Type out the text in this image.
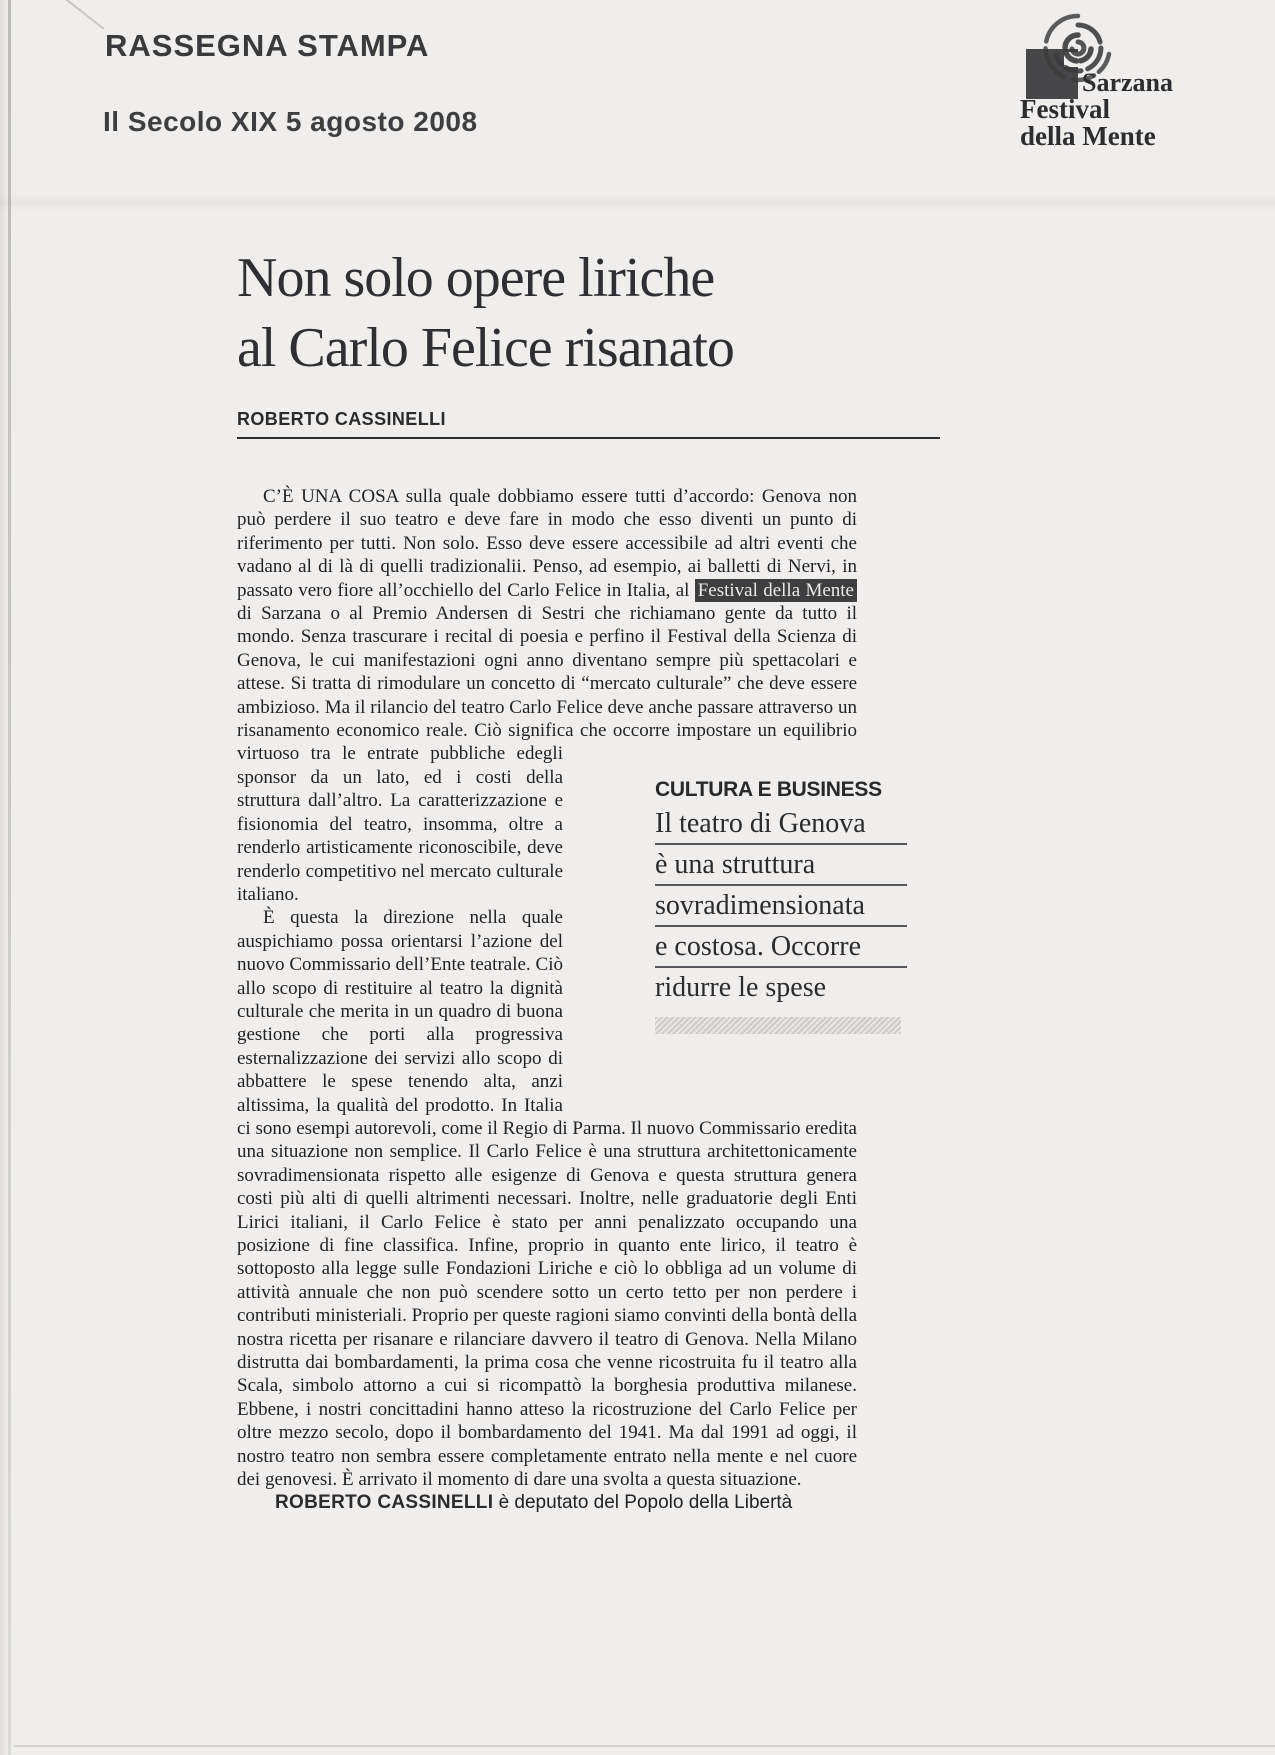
RASSEGNA STAMPA
Il Secolo XIX 5 agosto 2008
Sarzana
Festival
della Mente
Non solo opere liriche
al Carlo Felice risanato
ROBERTO CASSINELLI

C’È UNA COSA sulla quale dobbiamo essere tutti d’accordo: Genova non può perdere il suo teatro e deve fare in modo che esso diventi un punto di riferimento per tutti. Non solo. Esso deve essere accessibile ad altri eventi che vadano al di là di quelli tradizionalii. Penso, ad esempio, ai balletti di Nervi, in passato vero fiore all’occhiello del Carlo Felice in Italia, al Festival della Mente di Sarzana o al Premio Andersen di Sestri che richiamano gente da tutto il mondo. Senza trascurare i recital di poesia e perfino il Festival della Scienza di Genova, le cui manifestazioni ogni anno diventano sempre più spettacolari e attese. Si tratta di rimodulare un concetto di “mercato culturale” che deve essere ambizioso. Ma il rilancio del teatro Carlo Felice deve anche passare attraverso un risanamento economico reale. Ciò significa che occorre impostare un equilibrio virtuoso tra le entrate pubbliche e
CULTURA E BUSINESS
Il teatro di Genova
è una struttura
sovradimensionata
e costosa. Occorre
ridurre le spese
degli sponsor da un lato, ed i costi della struttura dall’altro. La caratterizzazione e fisionomia del teatro, insomma, oltre a renderlo artisticamente riconoscibile, deve renderlo competitivo nel mercato culturale italiano.

È questa la direzione nella quale auspichiamo possa orientarsi l’azione del nuovo Commissario dell’Ente teatrale. Ciò allo scopo di restituire al teatro la dignità culturale che merita in un quadro di buona gestione che porti alla progressiva esternalizzazione dei servizi allo scopo di abbattere le spese tenendo alta, anzi altissima, la qualità del prodotto. In Italia ci sono esempi autorevoli, come il Regio di Parma. Il nuovo Commissario eredita una situazione non semplice. Il Carlo Felice è una struttura architettonicamente sovradimensionata rispetto alle esigenze di Genova e questa struttura genera costi più alti di quelli altrimenti necessari. Inoltre, nelle graduatorie degli Enti Lirici italiani, il Carlo Felice è stato per anni penalizzato occupando una posizione di fine classifica. Infine, proprio in quanto ente lirico, il teatro è sottoposto alla legge sulle Fondazioni Liriche e ciò lo obbliga ad un volume di attività annuale che non può scendere sotto un certo tetto per non perdere i contributi ministeriali. Proprio per queste ragioni siamo convinti della bontà della nostra ricetta per risanare e rilanciare davvero il teatro di Genova. Nella Milano distrutta dai bombardamenti, la prima cosa che venne ricostruita fu il teatro alla Scala, simbolo attorno a cui si ricompattò la borghesia produttiva milanese. Ebbene, i nostri concittadini hanno atteso la ricostruzione del Carlo Felice per oltre mezzo secolo, dopo il bombardamento del 1941. Ma dal 1991 ad oggi, il nostro teatro non sembra essere completamente entrato nella mente e nel cuore dei genovesi. È arrivato il momento di dare una svolta a questa situazione.

ROBERTO CASSINELLI è deputato del Popolo della Libertà
